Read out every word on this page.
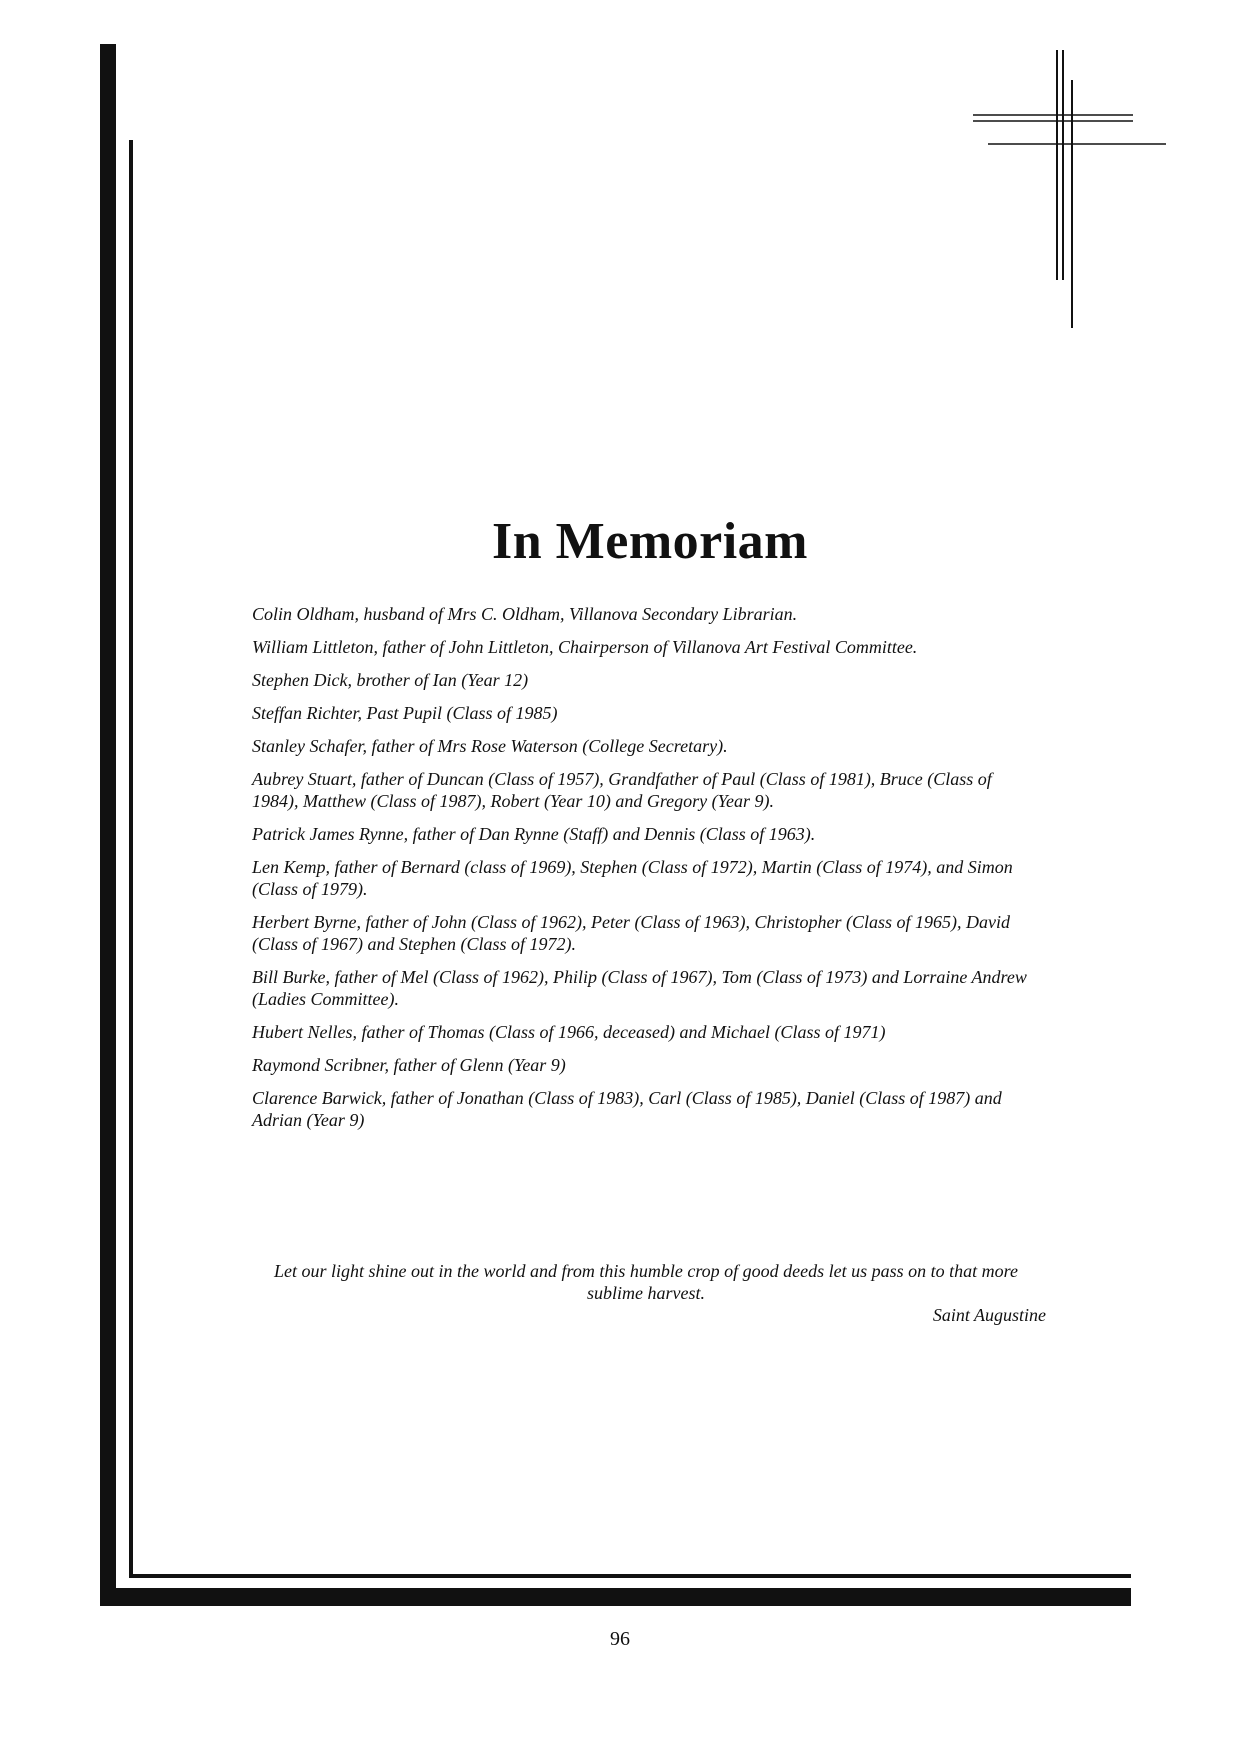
In Memoriam
Colin Oldham, husband of Mrs C. Oldham, Villanova Secondary Librarian.
William Littleton, father of John Littleton, Chairperson of Villanova Art Festival Committee.
Stephen Dick, brother of Ian (Year 12)
Steffan Richter, Past Pupil (Class of 1985)
Stanley Schafer, father of Mrs Rose Waterson (College Secretary).
Aubrey Stuart, father of Duncan (Class of 1957), Grandfather of Paul (Class of 1981), Bruce (Class of 1984), Matthew (Class of 1987), Robert (Year 10) and Gregory (Year 9).
Patrick James Rynne, father of Dan Rynne (Staff) and Dennis (Class of 1963).
Len Kemp, father of Bernard (class of 1969), Stephen (Class of 1972), Martin (Class of 1974), and Simon (Class of 1979).
Herbert Byrne, father of John (Class of 1962), Peter (Class of 1963), Christopher (Class of 1965), David (Class of 1967) and Stephen (Class of 1972).
Bill Burke, father of Mel (Class of 1962), Philip (Class of 1967), Tom (Class of 1973) and Lorraine Andrew (Ladies Committee).
Hubert Nelles, father of Thomas (Class of 1966, deceased) and Michael (Class of 1971)
Raymond Scribner, father of Glenn (Year 9)
Clarence Barwick, father of Jonathan (Class of 1983), Carl (Class of 1985), Daniel (Class of 1987) and Adrian (Year 9)
Let our light shine out in the world and from this humble crop of good deeds let us pass on to that more sublime harvest.
Saint Augustine
96
